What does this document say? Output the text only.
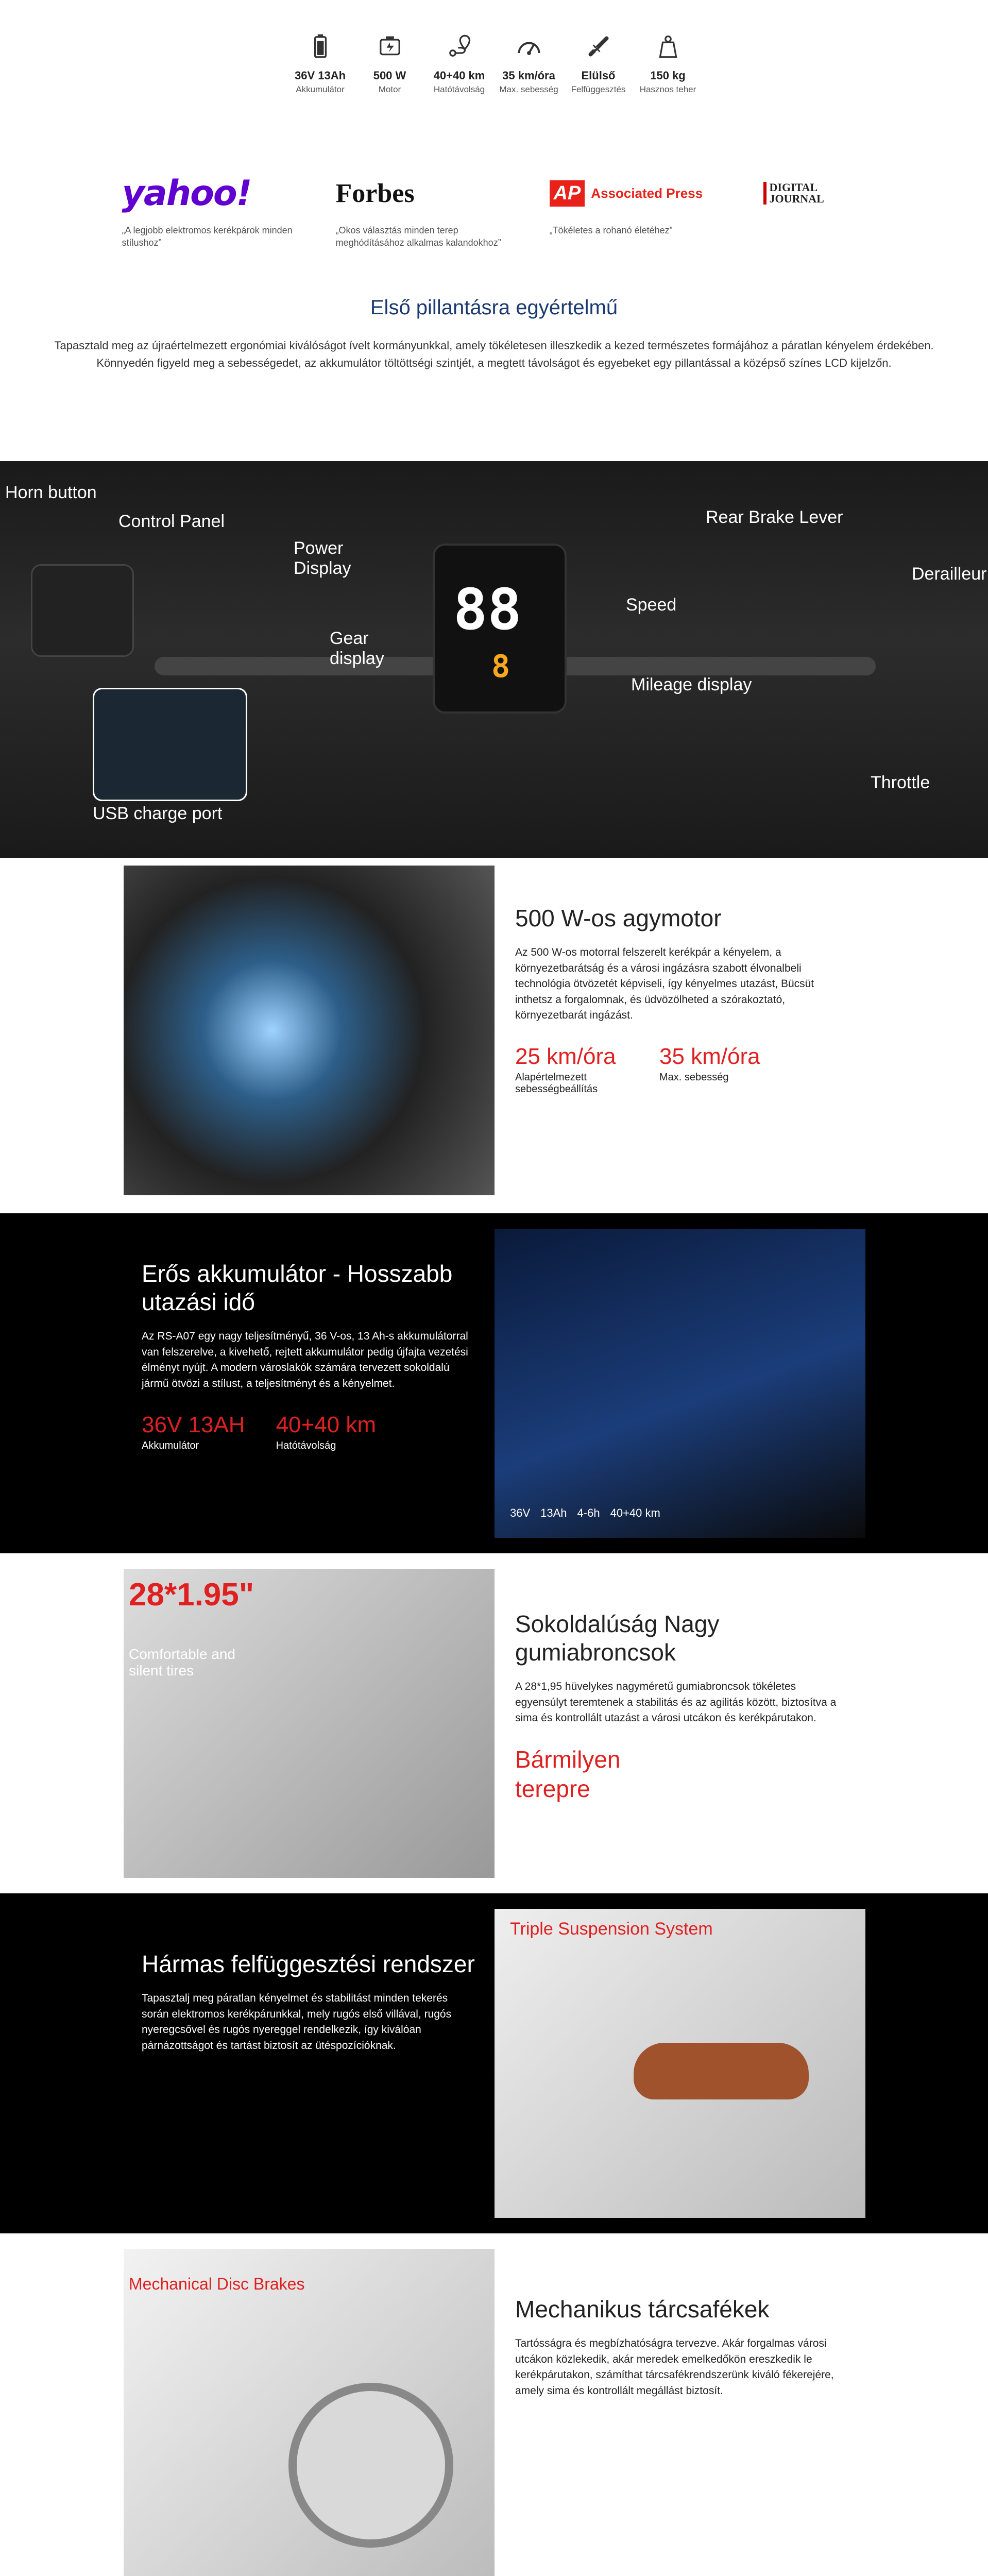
36V 13Ah
Akkumulátor
500 W
Motor
40+40 km
Hatótávolság
35 km/óra
Max. sebesség
Elülső
Felfüggesztés
150 kg
Hasznos teher
yahoo!

„A legjobb elektromos kerékpárok minden stílushoz”

Forbes

„Okos választás minden terep meghódításához alkalmas kalandokhoz”

AP Associated Press

„Tökéletes a rohanó életéhez”

DIGITAL
JOURNAL

Első pillantásra egyértelmű

Tapasztald meg az újraértelmezett ergonómiai kiválóságot ívelt kormányunkkal, amely tökéletesen illeszkedik a kezed természetes formájához a páratlan kényelem érdekében. Könnyedén figyeld meg a sebességedet, az akkumulátor töltöttségi szintjét, a megtett távolságot és egyebeket egy pillantással a középső színes LCD kijelzőn.

88
8
Horn button
Control Panel
Power
Display
Gear
display
Speed
Mileage display
Rear Brake Lever
Derailleur
Throttle
USB charge port
500 W-os agymotor

Az 500 W-os motorral felszerelt kerékpár a kényelem, a környezetbarátság és a városi ingázásra szabott élvonalbeli technológia ötvözetét képviseli, így kényelmes utazást, Bücsüt inthetsz a forgalomnak, és üdvözölheted a szórakoztató, környezetbarát ingázást.

25 km/óra
Alapértelmezett sebességbeállítás
35 km/óra
Max. sebesség
Erős akkumulátor - Hosszabb utazási idő

Az RS-A07 egy nagy teljesítményű, 36 V-os, 13 Ah-s akkumulátorral van felszerelve, a kivehető, rejtett akkumulátor pedig újfajta vezetési élményt nyújt. A modern városlakók számára tervezett sokoldalú jármű ötvözi a stílust, a teljesítményt és a kényelmet.

36V 13AH
Akkumulátor
40+40 km
Hatótávolság
36V 13Ah 4-6h 40+40 km
28*1.95"
Comfortable and silent tires
Sokoldalúság Nagy gumiabroncsok

A 28*1,95 hüvelykes nagyméretű gumiabroncsok tökéletes egyensúlyt teremtenek a stabilitás és az agilitás között, biztosítva a sima és kontrollált utazást a városi utcákon és kerékpárutakon.

Bármilyen terepre
Hármas felfüggesztési rendszer

Tapasztalj meg páratlan kényelmet és stabilitást minden tekerés során elektromos kerékpárunkkal, mely rugós első villával, rugós nyeregcsővel és rugós nyereggel rendelkezik, így kiválóan párnázottságot és tartást biztosít az ütéspozícióknak.

Triple Suspension System
Mechanical Disc Brakes
Mechanikus tárcsafékek

Tartósságra és megbízhatóságra tervezve. Akár forgalmas városi utcákon közlekedik, akár meredek emelkedőkön ereszkedik le kerékpárutakon, számíthat tárcsafékrendszerünk kiváló fékerejére, amely sima és kontrollált megállást biztosít.
